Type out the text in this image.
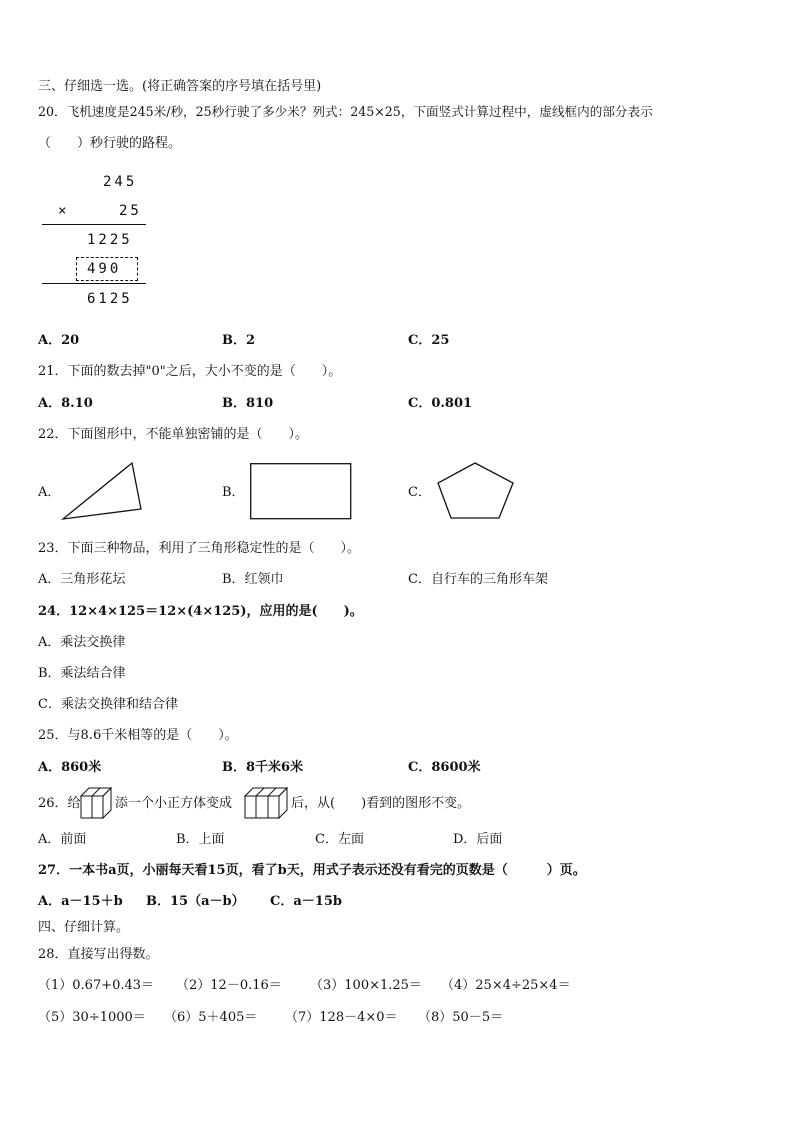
三、仔细选一选。(将正确答案的序号填在括号里)
20．飞机速度是245米/秒，25秒行驶了多少米？列式：245×25，下面竖式计算过程中，虚线框内的部分表示
（　　）秒行驶的路程。
245
×	25
1225
490
6125
A．20	B．2	C．25
21．下面的数去掉"0"之后，大小不变的是（　　）。
A．8.10	B．810	C．0.801
22．下面图形中，不能单独密铺的是（　　）。
A．	B．	C．
23．下面三种物品，利用了三角形稳定性的是（　　）。
A．三角形花坛	B．红领巾	C．自行车的三角形车架
24．12×4×125＝12×(4×125)，应用的是(　　)。
A．乘法交换律
B．乘法结合律
C．乘法交换律和结合律
25．与8.6千米相等的是（　　）。
A．860米	B．8千米6米	C．8600米
26．给	添一个小正方体变成	后，从(　　)看到的图形不变。
A．前面	B．上面	C．左面	D．后面
27．一本书a页，小丽每天看15页，看了b天，用式子表示还没有看完的页数是（　　　）页。
A．a－15＋b B．15（a－b） C．a－15b
四、仔细计算。
28．直接写出得数。
（1）0.67+0.43＝ （2）12－0.16＝ （3）100×1.25＝ （4）25×4÷25×4＝
（5）30÷1000＝ （6）5＋405＝ （7）128－4×0＝ （8）50－5＝
